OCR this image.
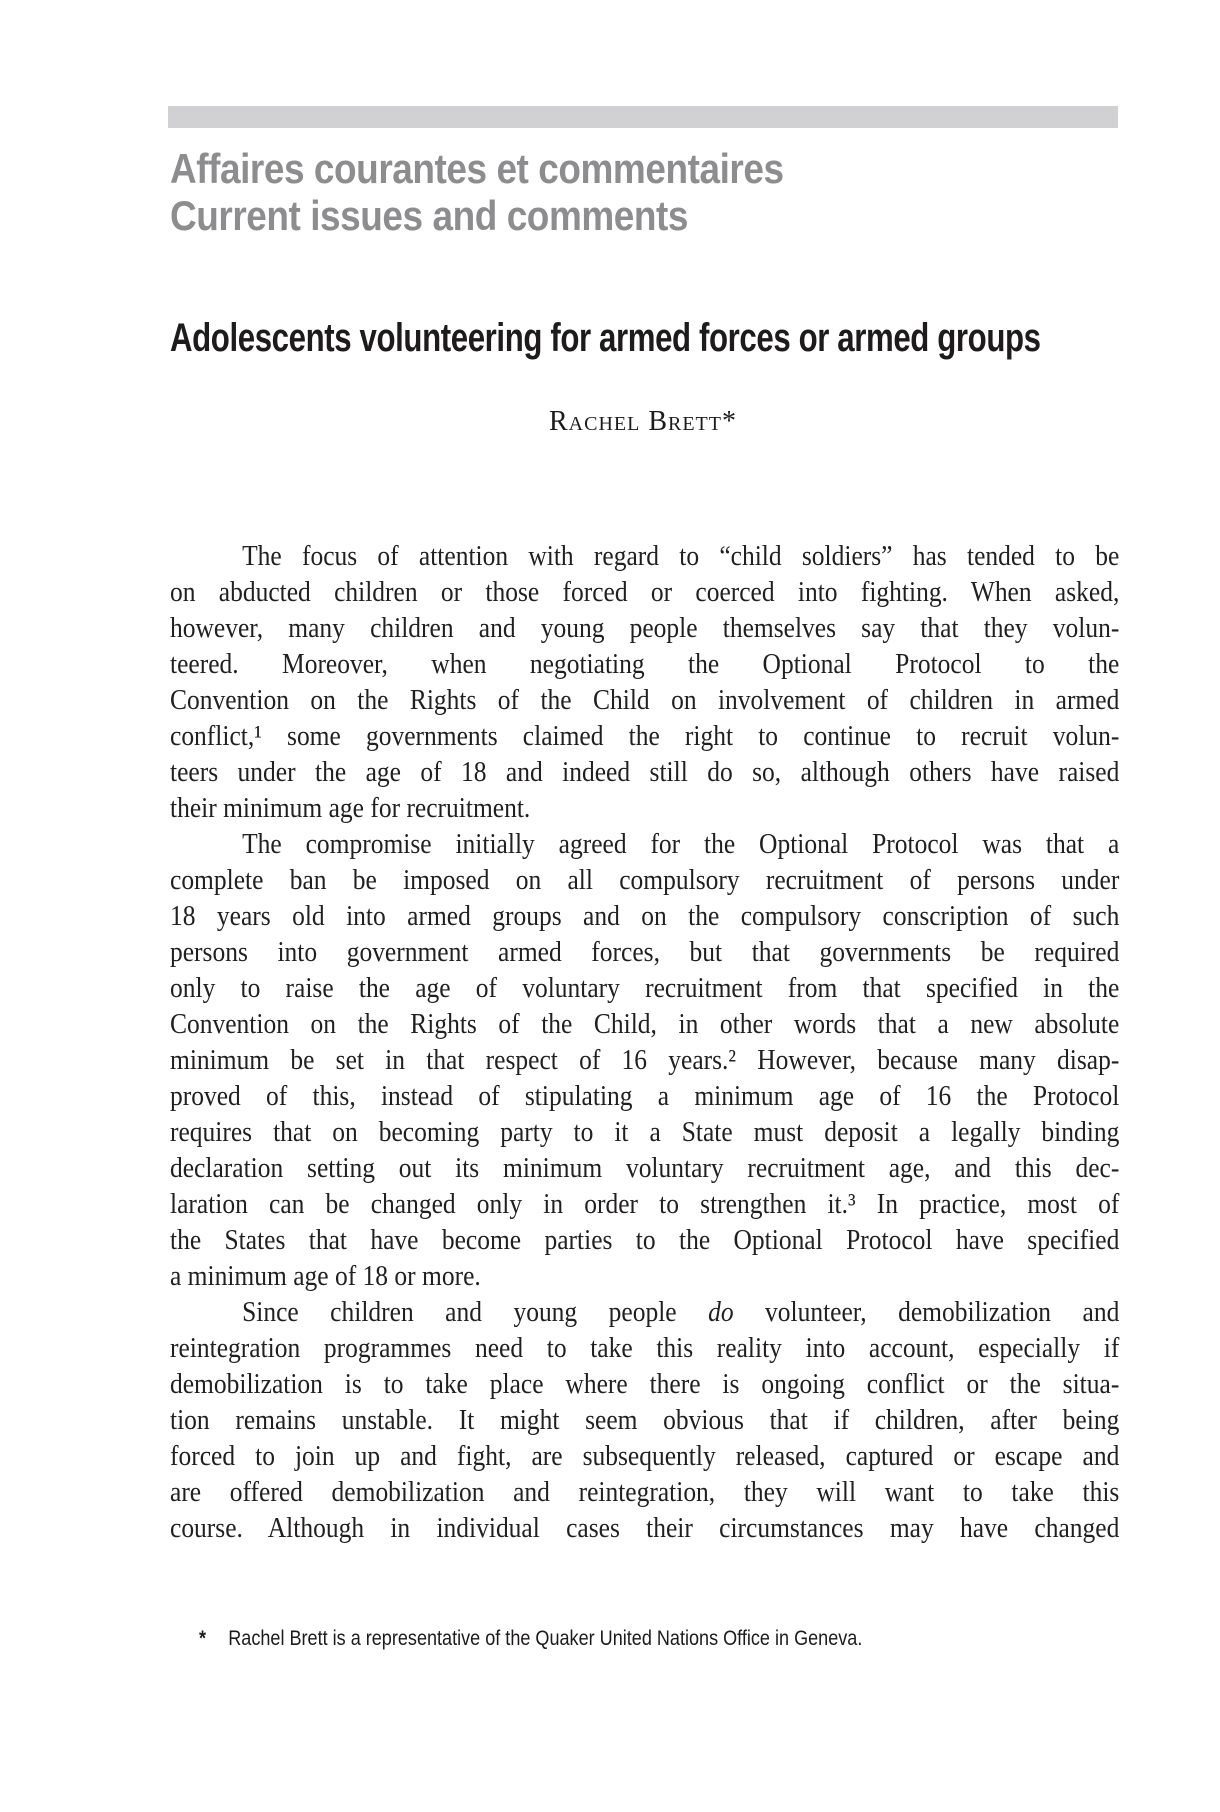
Affaires courantes et commentaires
Current issues and comments
Adolescents volunteering for armed forces or armed groups
Rachel Brett*
The focus of attention with regard to “child soldiers” has tended to be
on abducted children or those forced or coerced into fighting. When asked,
however, many children and young people themselves say that they volun-
teered. Moreover, when negotiating the Optional Protocol to the
Convention on the Rights of the Child on involvement of children in armed
conflict,¹ some governments claimed the right to continue to recruit volun-
teers under the age of 18 and indeed still do so, although others have raised
their minimum age for recruitment.
The compromise initially agreed for the Optional Protocol was that a
complete ban be imposed on all compulsory recruitment of persons under
18 years old into armed groups and on the compulsory conscription of such
persons into government armed forces, but that governments be required
only to raise the age of voluntary recruitment from that specified in the
Convention on the Rights of the Child, in other words that a new absolute
minimum be set in that respect of 16 years.² However, because many disap-
proved of this, instead of stipulating a minimum age of 16 the Protocol
requires that on becoming party to it a State must deposit a legally binding
declaration setting out its minimum voluntary recruitment age, and this dec-
laration can be changed only in order to strengthen it.³ In practice, most of
the States that have become parties to the Optional Protocol have specified
a minimum age of 18 or more.
Since children and young people do volunteer, demobilization and
reintegration programmes need to take this reality into account, especially if
demobilization is to take place where there is ongoing conflict or the situa-
tion remains unstable. It might seem obvious that if children, after being
forced to join up and fight, are subsequently released, captured or escape and
are offered demobilization and reintegration, they will want to take this
course. Although in individual cases their circumstances may have changed
*	Rachel Brett is a representative of the Quaker United Nations Office in Geneva.
